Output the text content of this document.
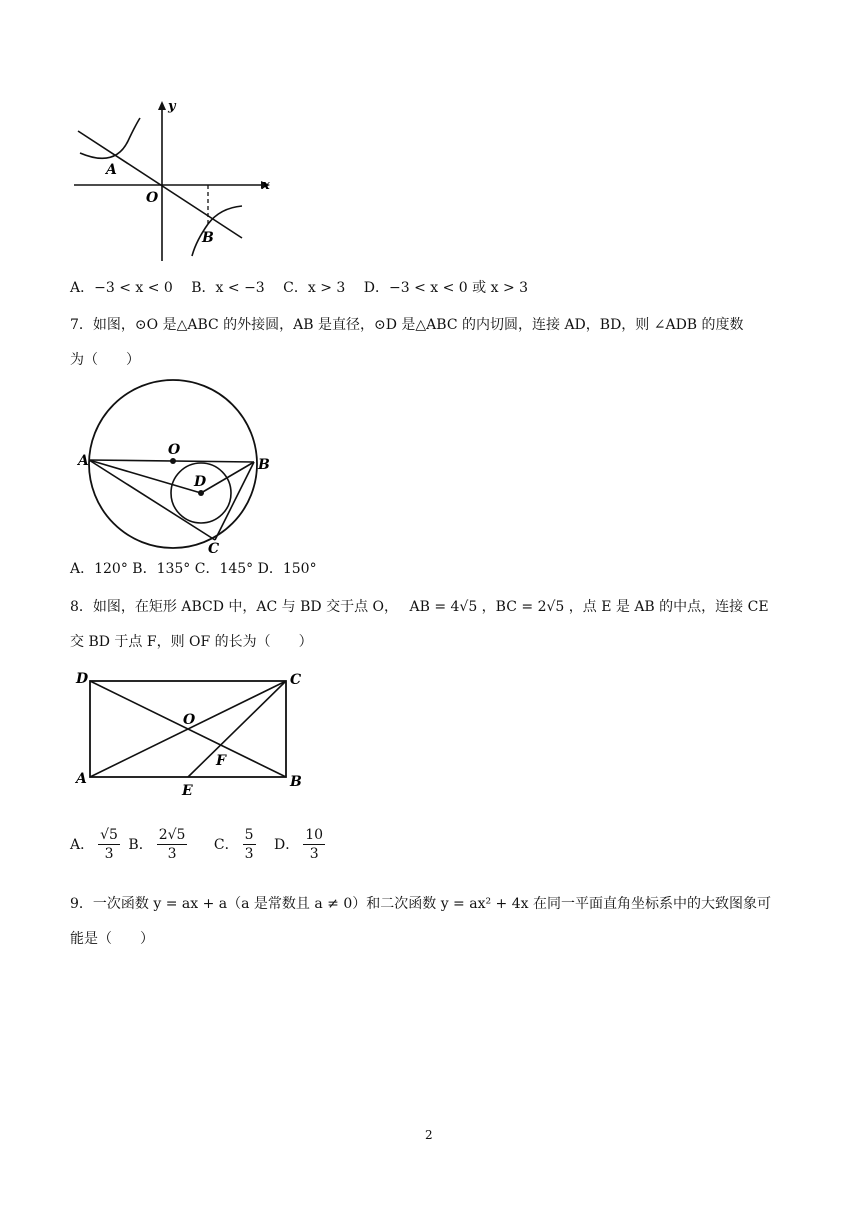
y
x
O
A
B
A．−3 < x < 0 B．x < −3 C．x > 3 D．−3 < x < 0 或 x > 3
7．如图，⊙O 是△ABC 的外接圆，AB 是直径，⊙D 是△ABC 的内切圆，连接 AD，BD，则 ∠ADB 的度数
为（　　）
A	B
C
O
D
A．120° B．135° C．145° D．150°
8．如图，在矩形 ABCD 中，AC 与 BD 交于点 O，　 AB = 4√5 ，BC = 2√5 ，点 E 是 AB 的中点，连接 CE
交 BD 于点 F，则 OF 的长为（　　）
D	C
A	B
E
F
O
A． $\frac{√5}{3}$ B． $\frac{2√5}{3}$ C． $\frac{5}{3}$ D． $\frac{10}{3}$
9．一次函数 y = ax + a（a 是常数且 a ≠ 0）和二次函数 y = ax² + 4x 在同一平面直角坐标系中的大致图象可
能是（　　）
2
